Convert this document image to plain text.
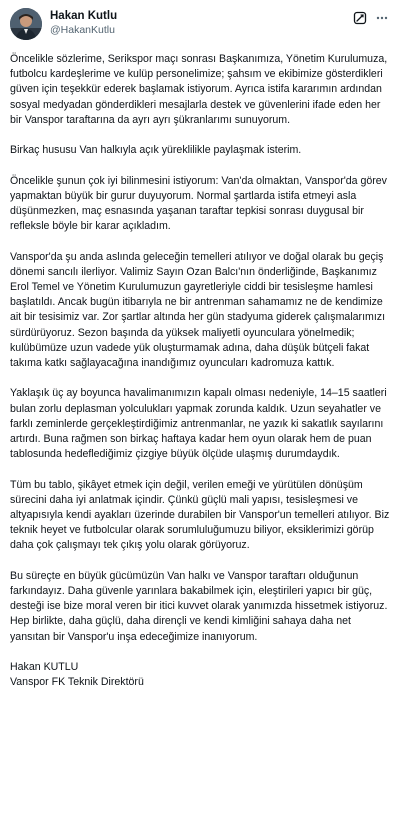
Hakan Kutlu
@HakanKutlu

Öncelikle sözlerime, Serikspor maçı sonrası Başkanımıza, Yönetim Kurulumuza, futbolcu kardeşlerime ve kulüp personelimize; şahsım ve ekibimize gösterdikleri güven için teşekkür ederek başlamak istiyorum. Ayrıca istifa kararımın ardından sosyal medyadan gönderdikleri mesajlarla destek ve güvenlerini ifade eden her bir Vanspor taraftarına da ayrı ayrı şükranlarımı sunuyorum.

Birkaç hususu Van halkıyla açık yüreklilikle paylaşmak isterim.

Öncelikle şunun çok iyi bilinmesini istiyorum: Van'da olmaktan, Vanspor'da görev yapmaktan büyük bir gurur duyuyorum. Normal şartlarda istifa etmeyi asla düşünmezken, maç esnasında yaşanan taraftar tepkisi sonrası duygusal bir refleksle böyle bir karar açıkladım.

Vanspor'da şu anda aslında geleceğin temelleri atılıyor ve doğal olarak bu geçiş dönemi sancılı ilerliyor. Valimiz Sayın Ozan Balcı'nın önderliğinde, Başkanımız Erol Temel ve Yönetim Kurulumuzun gayretleriyle ciddi bir tesisleşme hamlesi başlatıldı. Ancak bugün itibarıyla ne bir antrenman sahamamız ne de kendimize ait bir tesisimiz var. Zor şartlar altında her gün stadyuma giderek çalışmalarımızı sürdürüyoruz. Sezon başında da yüksek maliyetli oyunculara yönelmedik; kulübümüze uzun vadede yük oluşturmamak adına, daha düşük bütçeli fakat takıma katkı sağlayacağına inandığımız oyuncuları kadromuza kattık.

Yaklaşık üç ay boyunca havalimanımızın kapalı olması nedeniyle, 14–15 saatleri bulan zorlu deplasman yolculukları yapmak zorunda kaldık. Uzun seyahatler ve farklı zeminlerde gerçekleştirdiğimiz antrenmanlar, ne yazık ki sakatlık sayılarını artırdı. Buna rağmen son birkaç haftaya kadar hem oyun olarak hem de puan tablosunda hedeflediğimiz çizgiye büyük ölçüde ulaşmış durumdaydık.

Tüm bu tablo, şikâyet etmek için değil, verilen emeği ve yürütülen dönüşüm sürecini daha iyi anlatmak içindir. Çünkü güçlü mali yapısı, tesisleşmesi ve altyapısıyla kendi ayakları üzerinde durabilen bir Vanspor'un temelleri atılıyor. Biz teknik heyet ve futbolcular olarak sorumluluğumuzu biliyor, eksiklerimizi görüp daha çok çalışmayı tek çıkış yolu olarak görüyoruz.

Bu süreçte en büyük gücümüzün Van halkı ve Vanspor taraftarı olduğunun farkındayız. Daha güvenle yarınlara bakabilmek için, eleştirileri yapıcı bir güç, desteği ise bize moral veren bir itici kuvvet olarak yanımızda hissetmek istiyoruz. Hep birlikte, daha güçlü, daha dirençli ve kendi kimliğini sahaya daha net yansıtan bir Vanspor'u inşa edeceğimize inanıyorum.

Hakan KUTLU
Vanspor FK Teknik Direktörü
